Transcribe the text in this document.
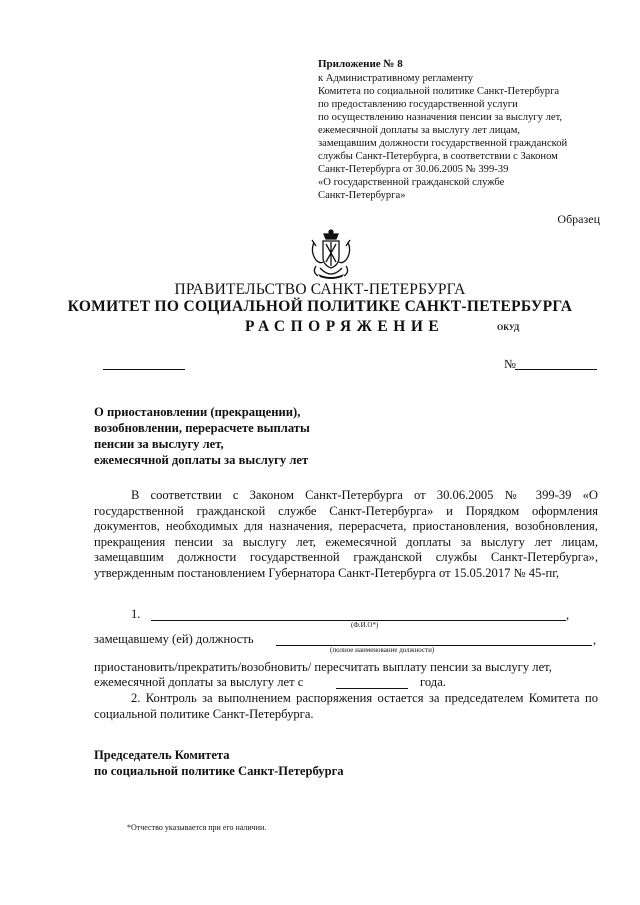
Приложение № 8
к Административному регламенту
Комитета по социальной политике Санкт-Петербурга
по предоставлению государственной услуги
по осуществлению назначения пенсии за выслугу лет,
ежемесячной доплаты за выслугу лет лицам,
замещавшим должности государственной гражданской
службы Санкт-Петербурга, в соответствии с Законом
Санкт-Петербурга от 30.06.2005 № 399-39
«О государственной гражданской службе
Санкт-Петербурга»
Образец
ПРАВИТЕЛЬСТВО САНКТ-ПЕТЕРБУРГА
КОМИТЕТ ПО СОЦИАЛЬНОЙ ПОЛИТИКЕ САНКТ-ПЕТЕРБУРГА
РАСПОРЯЖЕНИЕ	ОКУД
№
О приостановлении (прекращении),
возобновлении, перерасчете выплаты
пенсии за выслугу лет,
ежемесячной доплаты за выслугу лет

В соответствии с Законом Санкт-Петербурга от 30.06.2005 № 399-39 «О государственной гражданской службе Санкт-Петербурга» и Порядком оформления документов, необходимых для назначения, перерасчета, приостановления, возобновления, прекращения пенсии за выслугу лет, ежемесячной доплаты за выслугу лет лицам, замещавшим должности государственной гражданской службы Санкт-Петербурга», утвержденным постановлением Губернатора Санкт-Петербурга от 15.05.2017 № 45-пг,

1.	,
(Ф.И.О*)
замещавшему (ей) должность	,
(полное наименование должности)
приостановить/прекратить/возобновить/ пересчитать выплату пенсии за выслугу лет,
ежемесячной доплаты за выслугу лет с	года.

2. Контроль за выполнением распоряжения остается за председателем Комитета по социальной политике Санкт-Петербурга.

Председатель Комитета
по социальной политике Санкт-Петербурга
*Отчество указывается при его наличии.
